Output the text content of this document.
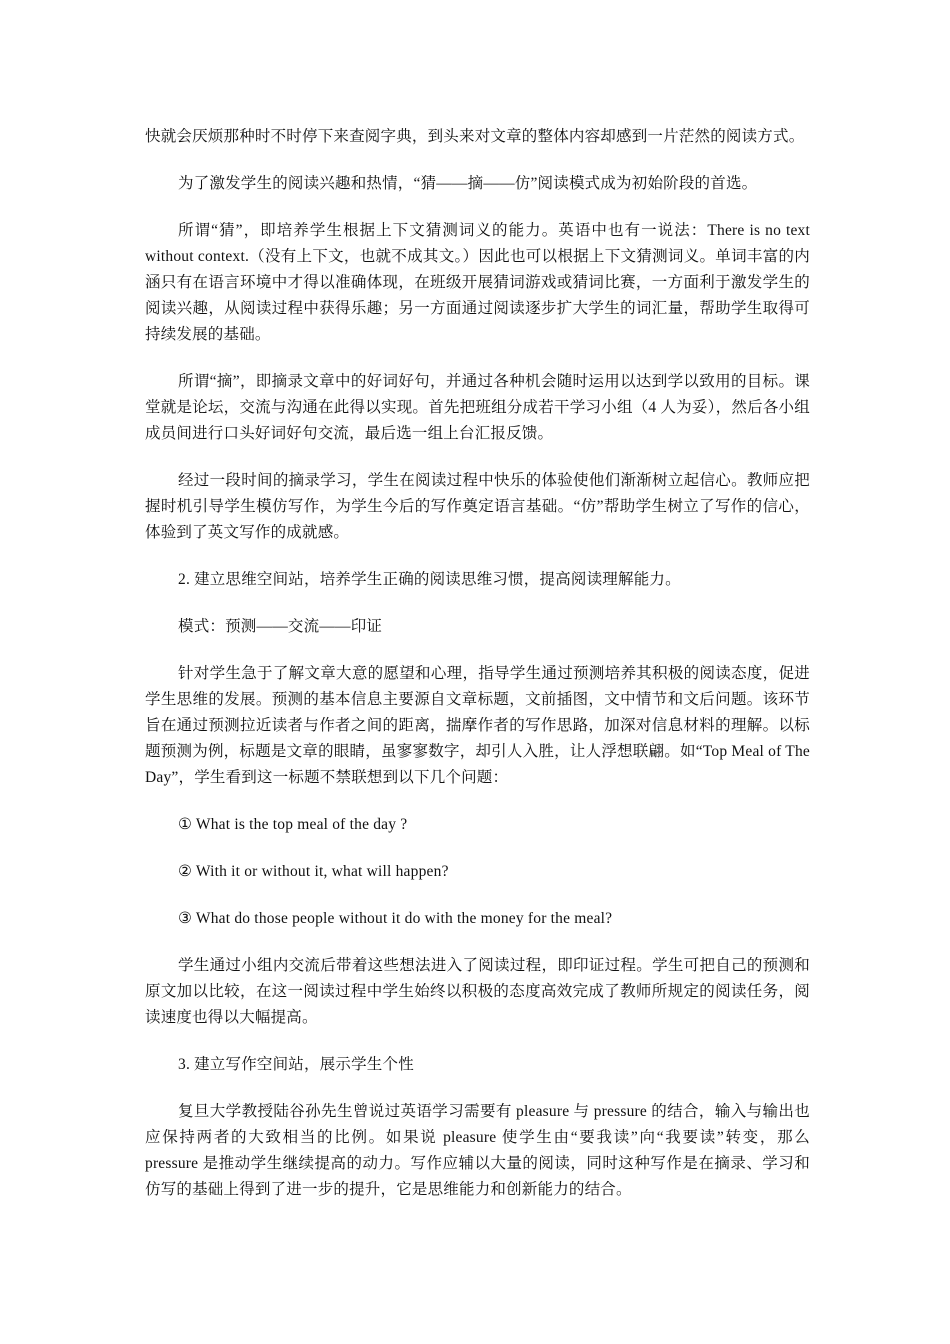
快就会厌烦那种时不时停下来查阅字典，到头来对文章的整体内容却感到一片茫然的阅读方式。

为了激发学生的阅读兴趣和热情，“猜——摘——仿”阅读模式成为初始阶段的首选。

所谓“猜”，即培养学生根据上下文猜测词义的能力。英语中也有一说法：There is no text without context.（没有上下文，也就不成其文。）因此也可以根据上下文猜测词义。单词丰富的内涵只有在语言环境中才得以准确体现，在班级开展猜词游戏或猜词比赛，一方面利于激发学生的阅读兴趣，从阅读过程中获得乐趣；另一方面通过阅读逐步扩大学生的词汇量，帮助学生取得可持续发展的基础。

所谓“摘”，即摘录文章中的好词好句，并通过各种机会随时运用以达到学以致用的目标。课堂就是论坛，交流与沟通在此得以实现。首先把班组分成若干学习小组（4 人为妥），然后各小组成员间进行口头好词好句交流，最后选一组上台汇报反馈。

经过一段时间的摘录学习，学生在阅读过程中快乐的体验使他们渐渐树立起信心。教师应把握时机引导学生模仿写作，为学生今后的写作奠定语言基础。“仿”帮助学生树立了写作的信心，体验到了英文写作的成就感。

2. 建立思维空间站，培养学生正确的阅读思维习惯，提高阅读理解能力。

模式：预测——交流——印证

针对学生急于了解文章大意的愿望和心理，指导学生通过预测培养其积极的阅读态度，促进学生思维的发展。预测的基本信息主要源自文章标题，文前插图，文中情节和文后问题。该环节旨在通过预测拉近读者与作者之间的距离，揣摩作者的写作思路，加深对信息材料的理解。以标题预测为例，标题是文章的眼睛，虽寥寥数字，却引人入胜，让人浮想联翩。如“Top Meal of The Day”，学生看到这一标题不禁联想到以下几个问题：

① What is the top meal of the day ?

② With it or without it, what will happen?

③ What do those people without it do with the money for the meal?

学生通过小组内交流后带着这些想法进入了阅读过程，即印证过程。学生可把自己的预测和原文加以比较，在这一阅读过程中学生始终以积极的态度高效完成了教师所规定的阅读任务，阅读速度也得以大幅提高。

3. 建立写作空间站，展示学生个性

复旦大学教授陆谷孙先生曾说过英语学习需要有 pleasure 与 pressure 的结合，输入与输出也应保持两者的大致相当的比例。如果说 pleasure 使学生由“要我读”向“我要读”转变，那么 pressure 是推动学生继续提高的动力。写作应辅以大量的阅读，同时这种写作是在摘录、学习和仿写的基础上得到了进一步的提升，它是思维能力和创新能力的结合。
